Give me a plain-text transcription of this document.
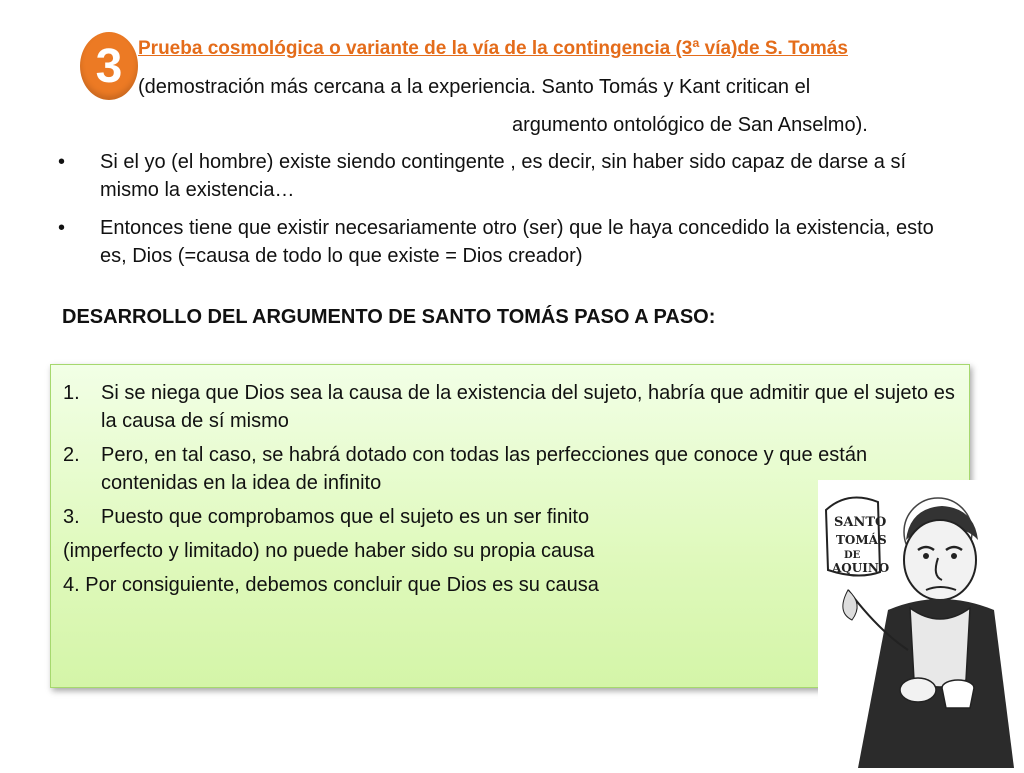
3 Prueba cosmológica o variante de la vía de la contingencia (3ª vía)de S. Tomás
(demostración más cercana a la experiencia. Santo Tomás y Kant critican el
argumento ontológico de San Anselmo).
•	Si el yo (el hombre) existe siendo contingente , es decir, sin haber sido capaz de darse a sí mismo la existencia…
•	Entonces tiene que existir necesariamente otro (ser) que le haya concedido la existencia, esto es, Dios (=causa de todo lo que existe = Dios creador)
DESARROLLO DEL ARGUMENTO DE SANTO TOMÁS PASO A PASO:
1.	Si se niega que Dios sea la causa de la existencia del sujeto, habría que admitir que el sujeto es la causa de sí mismo
2.	Pero, en tal caso, se habrá dotado con todas las perfecciones que conoce y que están contenidas en la idea de infinito
3.	Puesto que comprobamos que el sujeto es un ser finito
(imperfecto y limitado) no puede haber sido su propia causa
4. Por consiguiente, debemos concluir que Dios es su causa
SANTO
TOMÁS
DE
AQUINO
